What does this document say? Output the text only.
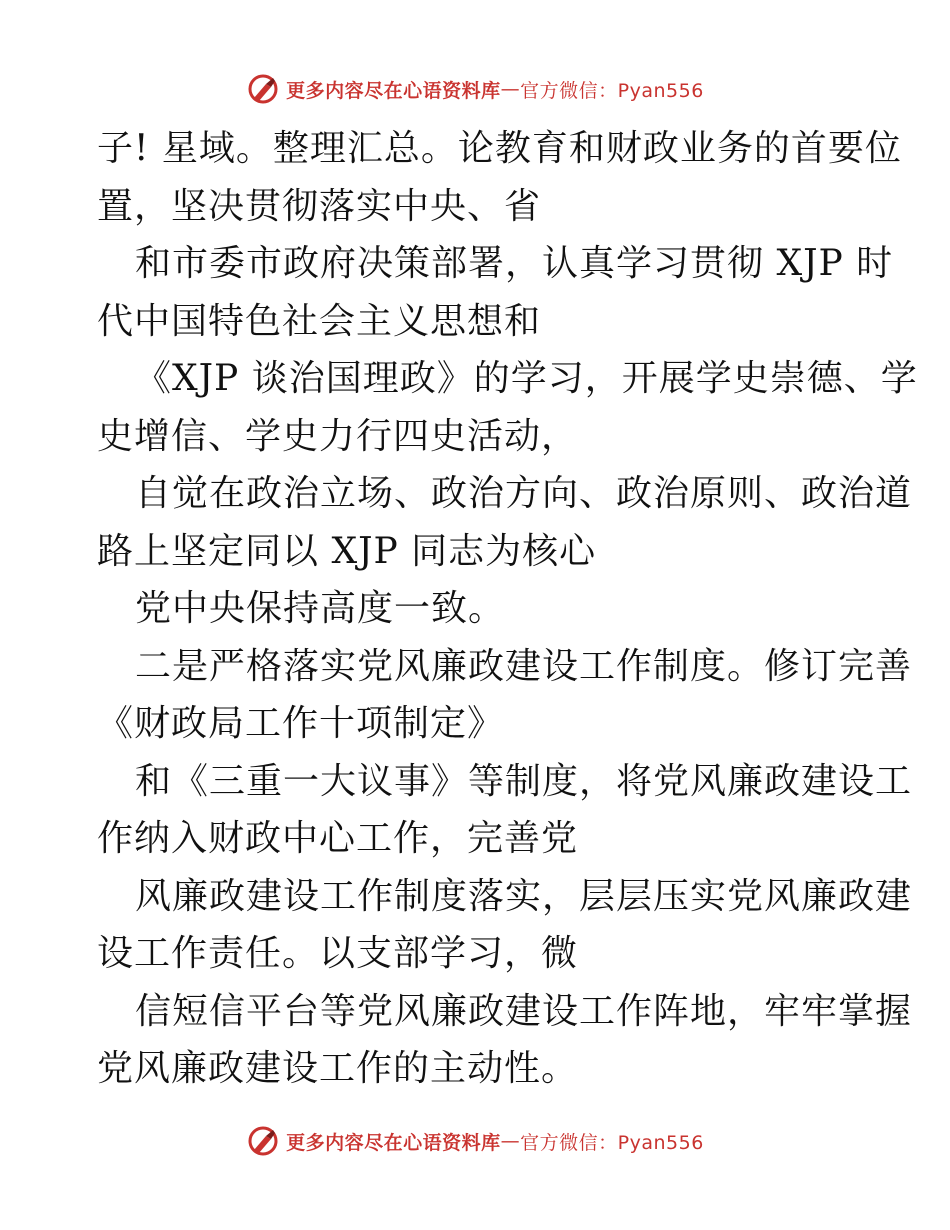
更多内容尽在心语资料库 — 官方微信：Pyan556
子! 星域。整理汇总。论教育和财政业务的首要位
置，坚决贯彻落实中央、省
和市委市政府决策部署，认真学习贯彻 XJP 时
代中国特色社会主义思想和
《XJP 谈治国理政》的学习，开展学史崇德、学
史增信、学史力行四史活动，
自觉在政治立场、政治方向、政治原则、政治道
路上坚定同以 XJP 同志为核心
党中央保持高度一致。
二是严格落实党风廉政建设工作制度。修订完善
《财政局工作十项制定》
和《三重一大议事》等制度，将党风廉政建设工
作纳入财政中心工作，完善党
风廉政建设工作制度落实，层层压实党风廉政建
设工作责任。以支部学习，微
信短信平台等党风廉政建设工作阵地，牢牢掌握
党风廉政建设工作的主动性。
更多内容尽在心语资料库 — 官方微信：Pyan556
